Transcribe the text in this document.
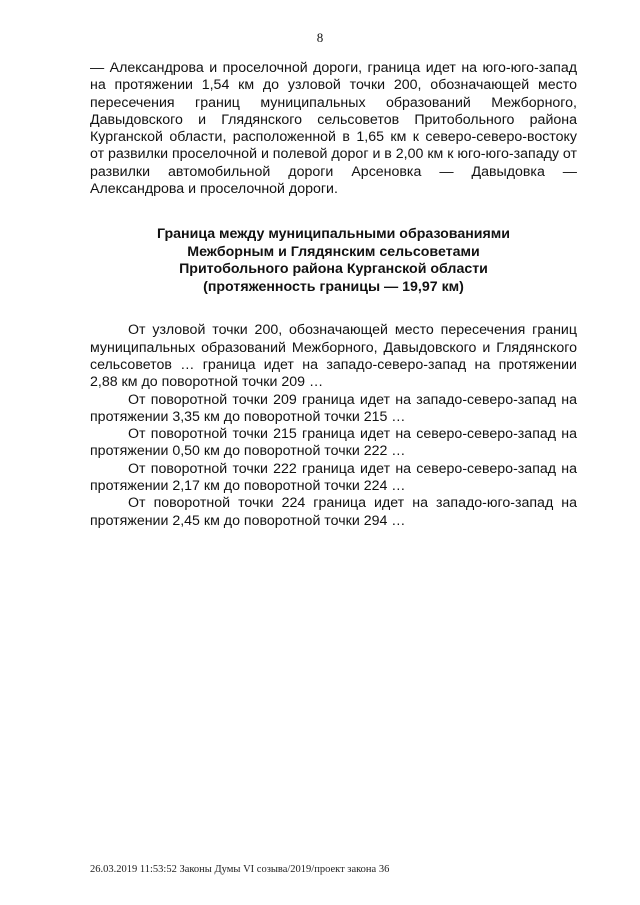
8

— Александрова и проселочной дороги, граница идет на юго-юго-запад на протяжении 1,54 км до узловой точки 200, обозначающей место пересечения границ муниципальных образований Межборного, Давыдовского и Глядянского сельсоветов Притобольного района Курганской области, расположенной в 1,65 км к северо-северо-востоку от развилки проселочной и полевой дорог и в 2,00 км к юго-юго-западу от развилки автомобильной дороги Арсеновка — Давыдовка — Александрова и проселочной дороги.

Граница между муниципальными образованиями
Межборным и Глядянским сельсоветами
Притобольного района Курганской области
(протяженность границы — 19,97 км)

От узловой точки 200, обозначающей место пересечения границ муниципальных образований Межборного, Давыдовского и Глядянского сельсоветов … граница идет на западо-северо-запад на протяжении 2,88 км до поворотной точки 209 …

От поворотной точки 209 граница идет на западо-северо-запад на протяжении 3,35 км до поворотной точки 215 …

От поворотной точки 215 граница идет на северо-северо-запад на протяжении 0,50 км до поворотной точки 222 …

От поворотной точки 222 граница идет на северо-северо-запад на протяжении 2,17 км до поворотной точки 224 …

От поворотной точки 224 граница идет на западо-юго-запад на протяжении 2,45 км до поворотной точки 294 …

26.03.2019 11:53:52 Законы Думы VI созыва/2019/проект закона 36
